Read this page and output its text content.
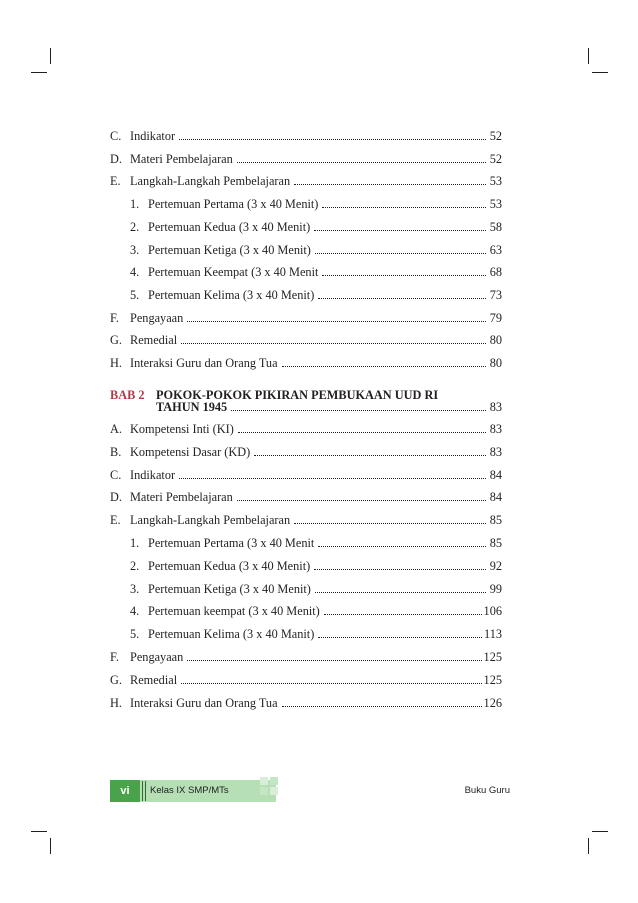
C. Indikator	52
D. Materi Pembelajaran	52
E. Langkah-Langkah Pembelajaran	53
1. Pertemuan Pertama (3 x 40 Menit)	53
2. Pertemuan Kedua (3 x 40 Menit)	58
3. Pertemuan Ketiga (3 x 40 Menit)	63
4. Pertemuan Keempat (3 x 40 Menit	68
5. Pertemuan Kelima (3 x 40 Menit)	73
F. Pengayaan	79
G. Remedial	80
H. Interaksi Guru dan Orang Tua	80
BAB 2 POKOK-POKOK PIKIRAN PEMBUKAAN UUD RI
TAHUN 1945	83
A. Kompetensi Inti (KI)	83
B. Kompetensi Dasar (KD)	83
C. Indikator	84
D. Materi Pembelajaran	84
E. Langkah-Langkah Pembelajaran	85
1. Pertemuan Pertama (3 x 40 Menit	85
2. Pertemuan Kedua (3 x 40 Menit)	92
3. Pertemuan Ketiga (3 x 40 Menit)	99
4. Pertemuan keempat (3 x 40 Menit)	106
5. Pertemuan Kelima (3 x 40 Manit)	113
F. Pengayaan	125
G. Remedial	125
H. Interaksi Guru dan Orang Tua	126
vi	Kelas IX SMP/MTs	Buku Guru
